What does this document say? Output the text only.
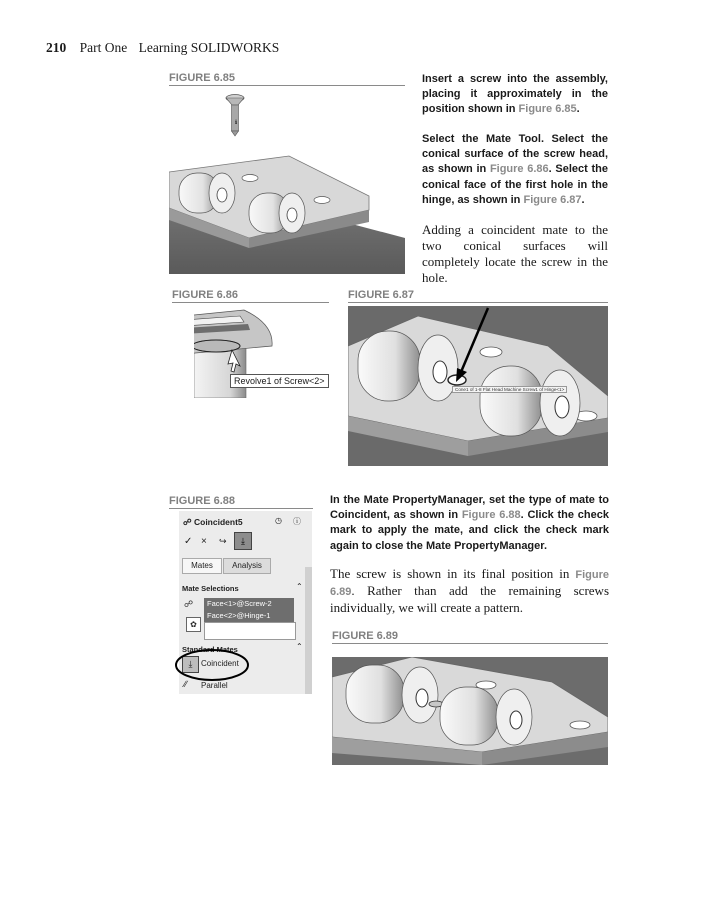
210 Part One Learning SOLIDWORKS
FIGURE 6.85
ℹ
Insert a screw into the assembly, placing it approximately in the position shown in Figure 6.85.
Select the Mate Tool. Select the conical surface of the screw head, as shown in Figure 6.86. Select the conical face of the first hole in the hinge, as shown in Figure 6.87.
Adding a coincident mate to the two conical surfaces will completely locate the screw in the hole.
FIGURE 6.86
Revolve1 of Screw<2>
FIGURE 6.87
Cone1 of 1-8 Flat Head Machine Screw1 of Hinge<1>
FIGURE 6.88
☍ Coincident5	◷ ⓘ
✓ × ↪	⤓
Mates	Analysis
Mate Selections	⌃
☍
✿
Face<1>@Screw-2
Face<2>@Hinge-1
Standard Mates	⌃
⤓	Coincident
∕∕ Parallel
In the Mate PropertyManager, set the type of mate to Coincident, as shown in Figure 6.88. Click the check mark to apply the mate, and click the check mark again to close the Mate PropertyManager.
The screw is shown in its final position in Figure 6.89. Rather than add the remaining screws individually, we will create a pattern.
FIGURE 6.89
